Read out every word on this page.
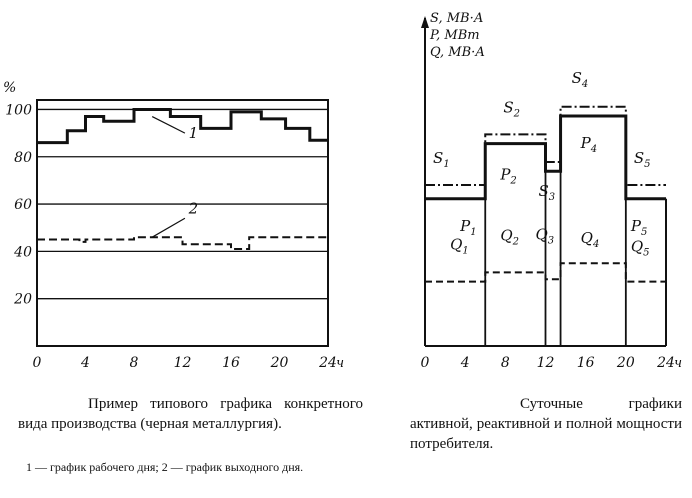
20
40
60
80
100
0	4	8	12 16 20 24 ч
%
1
2
0 4 8 12 16 20 24 ч
S, МВ·А
P, МВт
Q, МВ·А
$S_1$
$S_2$
$S_3$
$S_4$
$S_5$
$P_1$
$P_2$
$P_4$
$P_5$
$Q_1$
$Q_2$ $Q_3$ $Q_4$ $Q_5$
Пример типового графика конкретного вида производства (черная металлургия).
1 — график рабочего дня; 2 — график выходного дня.
Суточные графики активной, реактивной и полной мощности потребителя.
